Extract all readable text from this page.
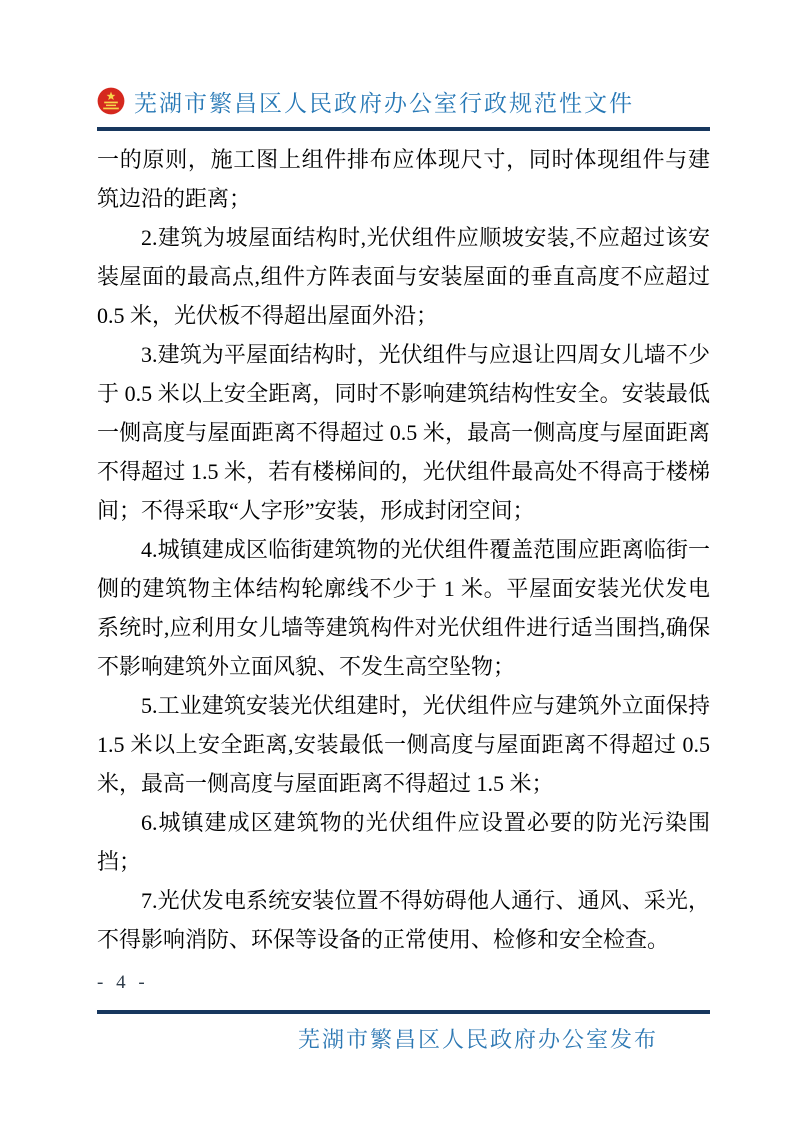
芜湖市繁昌区人民政府办公室行政规范性文件

一的原则，施工图上组件排布应体现尺寸，同时体现组件与建筑边沿的距离；

2.建筑为坡屋面结构时,光伏组件应顺坡安装,不应超过该安装屋面的最高点,组件方阵表面与安装屋面的垂直高度不应超过 0.5 米，光伏板不得超出屋面外沿；

3.建筑为平屋面结构时，光伏组件与应退让四周女儿墙不少于 0.5 米以上安全距离，同时不影响建筑结构性安全。安装最低一侧高度与屋面距离不得超过 0.5 米，最高一侧高度与屋面距离不得超过 1.5 米，若有楼梯间的，光伏组件最高处不得高于楼梯间；不得采取“人字形”安装，形成封闭空间；

4.城镇建成区临街建筑物的光伏组件覆盖范围应距离临街一侧的建筑物主体结构轮廓线不少于 1 米。平屋面安装光伏发电系统时,应利用女儿墙等建筑构件对光伏组件进行适当围挡,确保不影响建筑外立面风貌、不发生高空坠物；

5.工业建筑安装光伏组建时，光伏组件应与建筑外立面保持 1.5 米以上安全距离,安装最低一侧高度与屋面距离不得超过 0.5 米，最高一侧高度与屋面距离不得超过 1.5 米；

6.城镇建成区建筑物的光伏组件应设置必要的防光污染围挡；

7.光伏发电系统安装位置不得妨碍他人通行、通风、采光，不得影响消防、环保等设备的正常使用、检修和安全检查。

- 4 -
芜湖市繁昌区人民政府办公室发布
